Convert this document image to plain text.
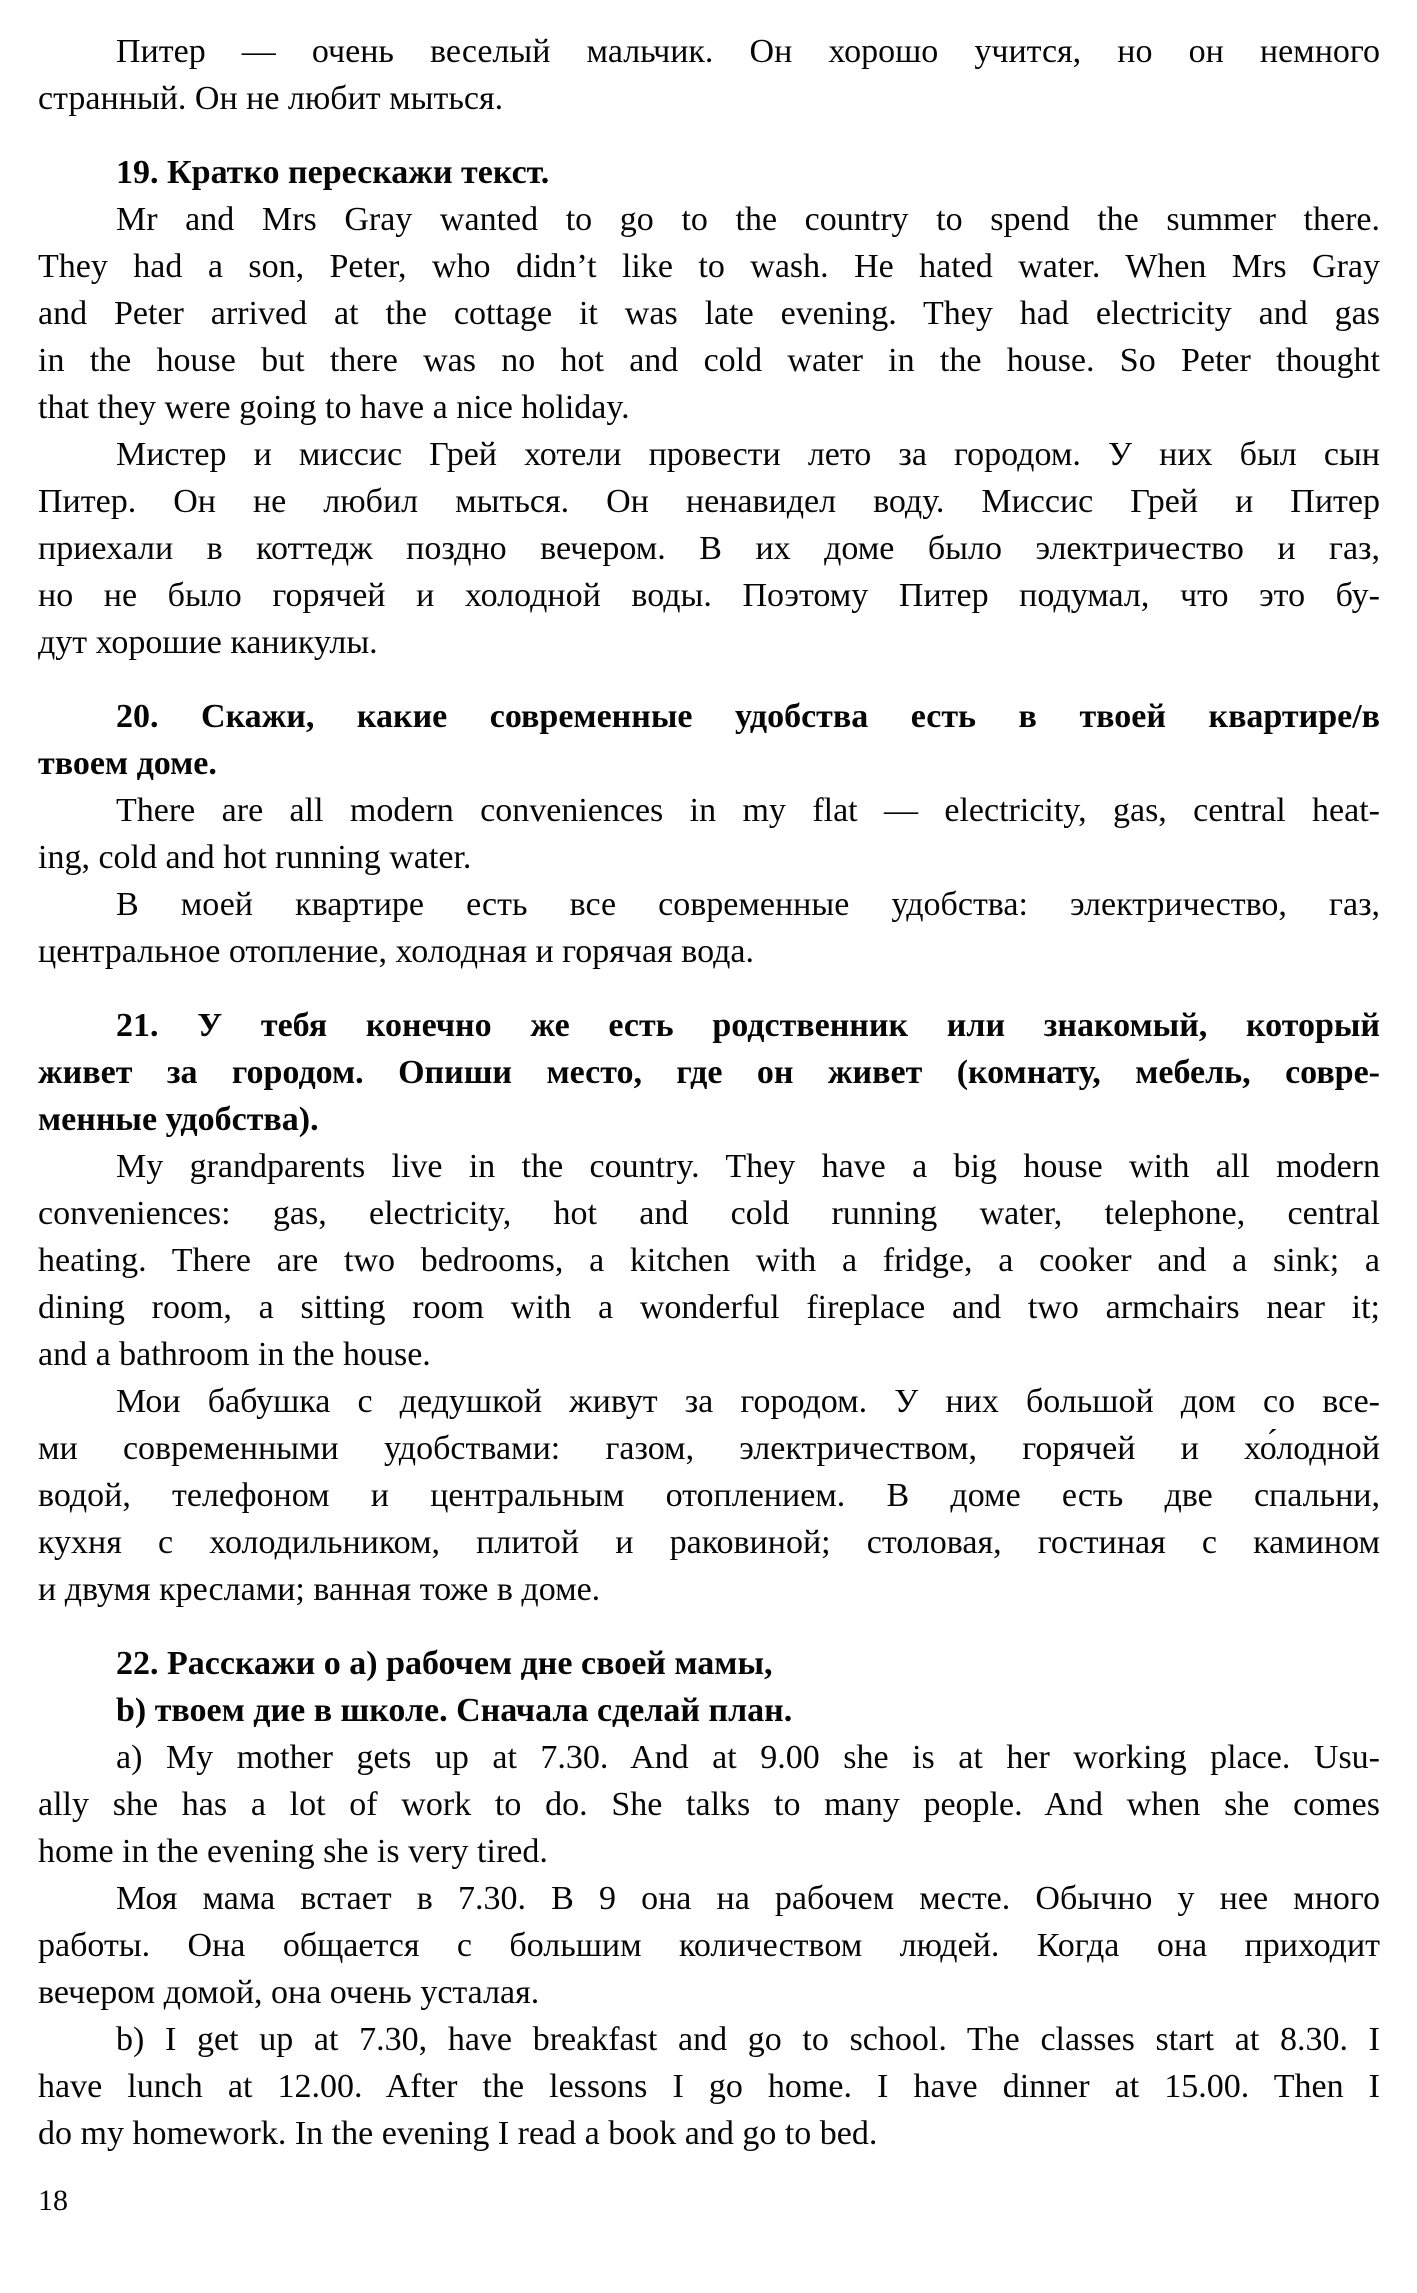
Питер — очень веселый мальчик. Он хорошо учится, но он немного
странный. Он не любит мыться.
19. Кратко перескажи текст.
Mr and Mrs Gray wanted to go to the country to spend the summer there.
They had a son, Peter, who didn’t like to wash. He hated water. When Mrs Gray
and Peter arrived at the cottage it was late evening. They had electricity and gas
in the house but there was no hot and cold water in the house. So Peter thought
that they were going to have a nice holiday.
Мистер и миссис Грей хотели провести лето за городом. У них был сын
Питер. Он не любил мыться. Он ненавидел воду. Миссис Грей и Питер
приехали в коттедж поздно вечером. В их доме было электричество и газ,
но не было горячей и холодной воды. Поэтому Питер подумал, что это бу-
дут хорошие каникулы.
20. Скажи, какие современные удобства есть в твоей квартире/в
твоем доме.
There are all modern conveniences in my flat — electricity, gas, central heat-
ing, cold and hot running water.
В моей квартире есть все современные удобства: электричество, газ,
центральное отопление, холодная и горячая вода.
21. У тебя конечно же есть родственник или знакомый, который
живет за городом. Опиши место, где он живет (комнату, мебель, совре-
менные удобства).
My grandparents live in the country. They have a big house with all modern
conveniences: gas, electricity, hot and cold running water, telephone, central
heating. There are two bedrooms, a kitchen with a fridge, a cooker and a sink; a
dining room, a sitting room with a wonderful fireplace and two armchairs near it;
and a bathroom in the house.
Мои бабушка с дедушкой живут за городом. У них большой дом со все-
ми современными удобствами: газом, электричеством, горячей и хо́лодной
водой, телефоном и центральным отоплением. В доме есть две спальни,
кухня с холодильником, плитой и раковиной; столовая, гостиная с камином
и двумя креслами; ванная тоже в доме.
22. Расскажи о a) рабочем дне своей мамы,
b) твоем дие в школе. Сначала сделай план.
a) My mother gets up at 7.30. And at 9.00 she is at her working place. Usu-
ally she has a lot of work to do. She talks to many people. And when she comes
home in the evening she is very tired.
Моя мама встает в 7.30. В 9 она на рабочем месте. Обычно у нее много
работы. Она общается с большим количеством людей. Когда она приходит
вечером домой, она очень усталая.
b) I get up at 7.30, have breakfast and go to school. The classes start at 8.30. I
have lunch at 12.00. After the lessons I go home. I have dinner at 15.00. Then I
do my homework. In the evening I read a book and go to bed.
18
